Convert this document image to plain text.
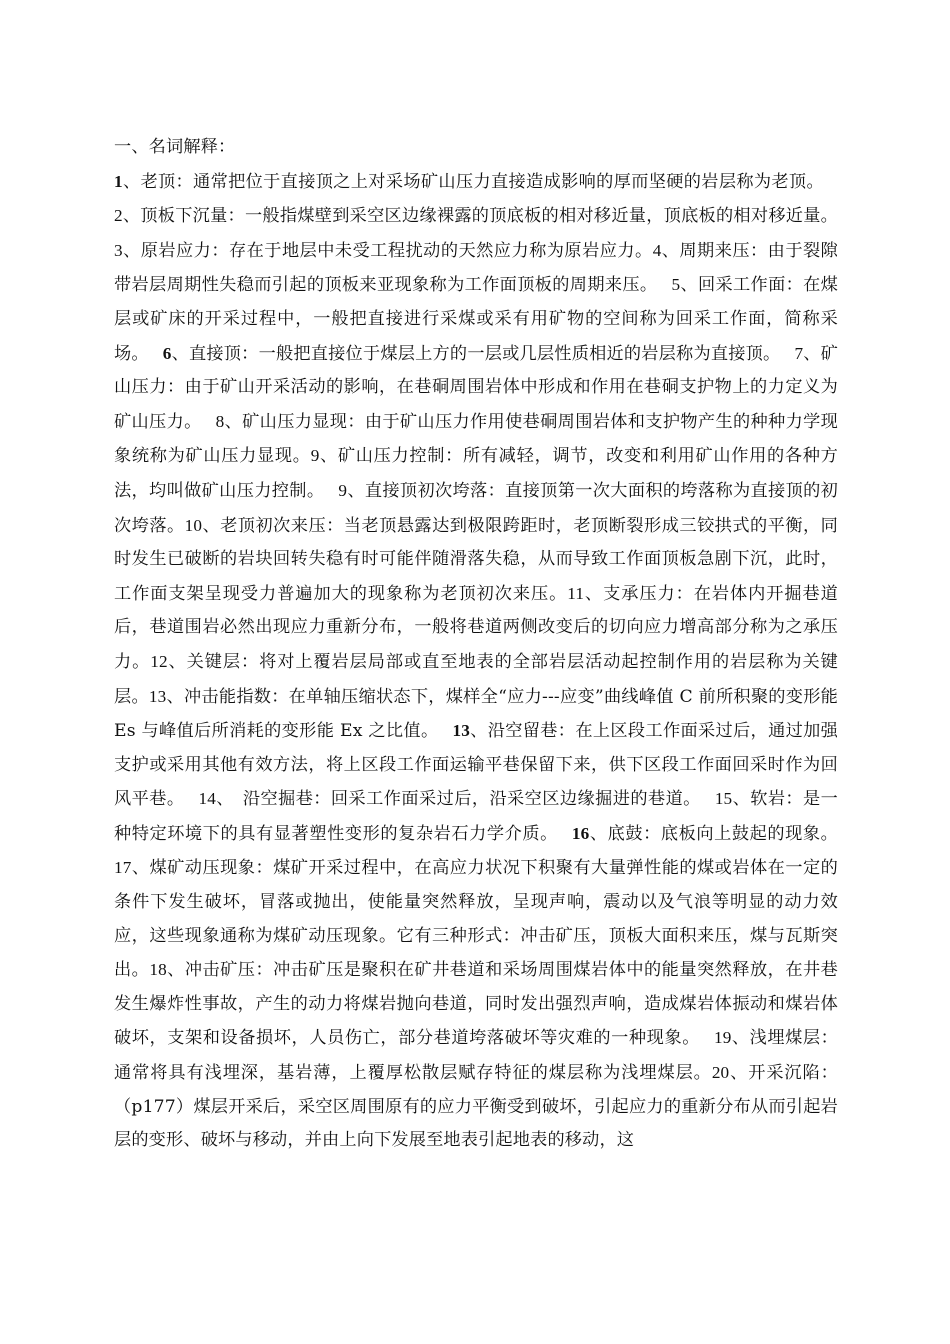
一、名词解释：

1、老顶：通常把位于直接顶之上对采场矿山压力直接造成影响的厚而坚硬的岩层称为老顶。2、顶板下沉量：一般指煤壁到采空区边缘裸露的顶底板的相对移近量，顶底板的相对移近量。3、原岩应力：存在于地层中未受工程扰动的天然应力称为原岩应力。4、周期来压：由于裂隙带岩层周期性失稳而引起的顶板来亚现象称为工作面顶板的周期来压。 5、回采工作面：在煤层或矿床的开采过程中，一般把直接进行采煤或采有用矿物的空间称为回采工作面，简称采场。 6、直接顶：一般把直接位于煤层上方的一层或几层性质相近的岩层称为直接顶。 7、矿山压力：由于矿山开采活动的影响，在巷硐周围岩体中形成和作用在巷硐支护物上的力定义为矿山压力。 8、矿山压力显现：由于矿山压力作用使巷硐周围岩体和支护物产生的种种力学现象统称为矿山压力显现。9、矿山压力控制：所有减轻，调节，改变和利用矿山作用的各种方法，均叫做矿山压力控制。 9、直接顶初次垮落：直接顶第一次大面积的垮落称为直接顶的初次垮落。10、老顶初次来压：当老顶悬露达到极限跨距时，老顶断裂形成三铰拱式的平衡，同时发生已破断的岩块回转失稳有时可能伴随滑落失稳，从而导致工作面顶板急剧下沉，此时，工作面支架呈现受力普遍加大的现象称为老顶初次来压。11、支承压力：在岩体内开掘巷道后，巷道围岩必然出现应力重新分布，一般将巷道两侧改变后的切向应力增高部分称为之承压力。12、关键层：将对上覆岩层局部或直至地表的全部岩层活动起控制作用的岩层称为关键层。13、冲击能指数：在单轴压缩状态下，煤样全“应力---应变”曲线峰值 C 前所积聚的变形能 Es 与峰值后所消耗的变形能 Ex 之比值。 13、沿空留巷：在上区段工作面采过后，通过加强支护或采用其他有效方法，将上区段工作面运输平巷保留下来，供下区段工作面回采时作为回风平巷。 14、　沿空掘巷：回采工作面采过后，沿采空区边缘掘进的巷道。 15、软岩：是一种特定环境下的具有显著塑性变形的复杂岩石力学介质。 16、底鼓：底板向上鼓起的现象。17、煤矿动压现象：煤矿开采过程中，在高应力状况下积聚有大量弹性能的煤或岩体在一定的条件下发生破坏，冒落或抛出，使能量突然释放，呈现声响，震动以及气浪等明显的动力效应，这些现象通称为煤矿动压现象。它有三种形式：冲击矿压，顶板大面积来压，煤与瓦斯突出。18、冲击矿压：冲击矿压是聚积在矿井巷道和采场周围煤岩体中的能量突然释放，在井巷发生爆炸性事故，产生的动力将煤岩抛向巷道，同时发出强烈声响，造成煤岩体振动和煤岩体破坏，支架和设备损坏，人员伤亡，部分巷道垮落破坏等灾难的一种现象。 19、浅埋煤层：通常将具有浅埋深，基岩薄，上覆厚松散层赋存特征的煤层称为浅埋煤层。20、开采沉陷：（p177）煤层开采后，采空区周围原有的应力平衡受到破坏，引起应力的重新分布从而引起岩层的变形、破坏与移动，并由上向下发展至地表引起地表的移动，这
